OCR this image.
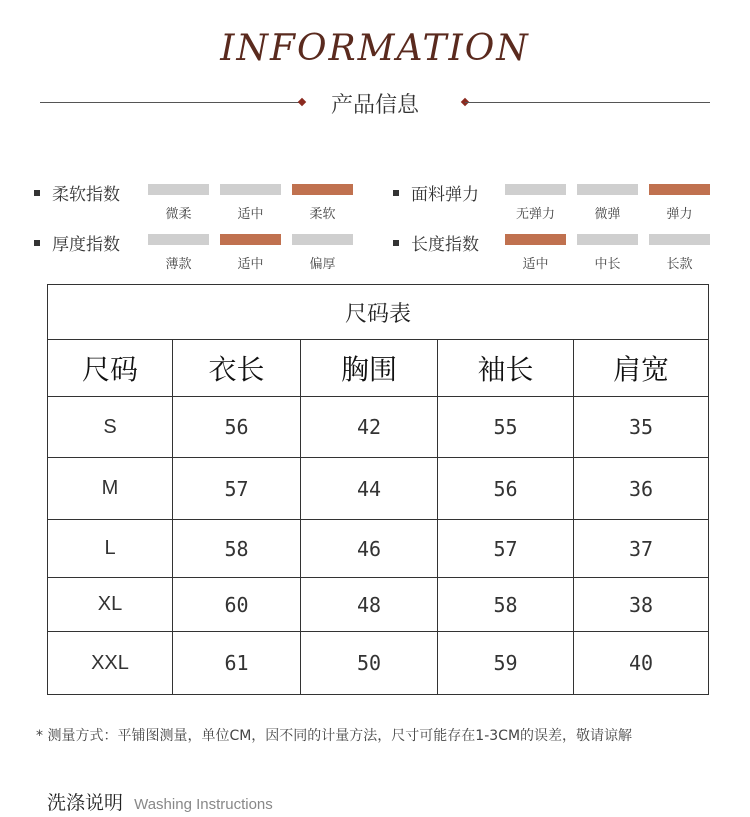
INFORMATION
产品信息
柔软指数
微柔	适中	柔软
面料弹力
无弹力	微弹	弹力
厚度指数
薄款	适中	偏厚
长度指数
适中	中长	长款
尺码表				
尺码	衣长	胸围	袖长	肩宽
S	56	42	55	35
M	57	44	56	36
L	58	46	57	37
XL	60	48	58	38
XXL	61	50	59	40
* 测量方式：平铺图测量，单位CM，因不同的计量方法，尺寸可能存在1-3CM的误差，敬请谅解
洗涤说明 Washing Instructions
